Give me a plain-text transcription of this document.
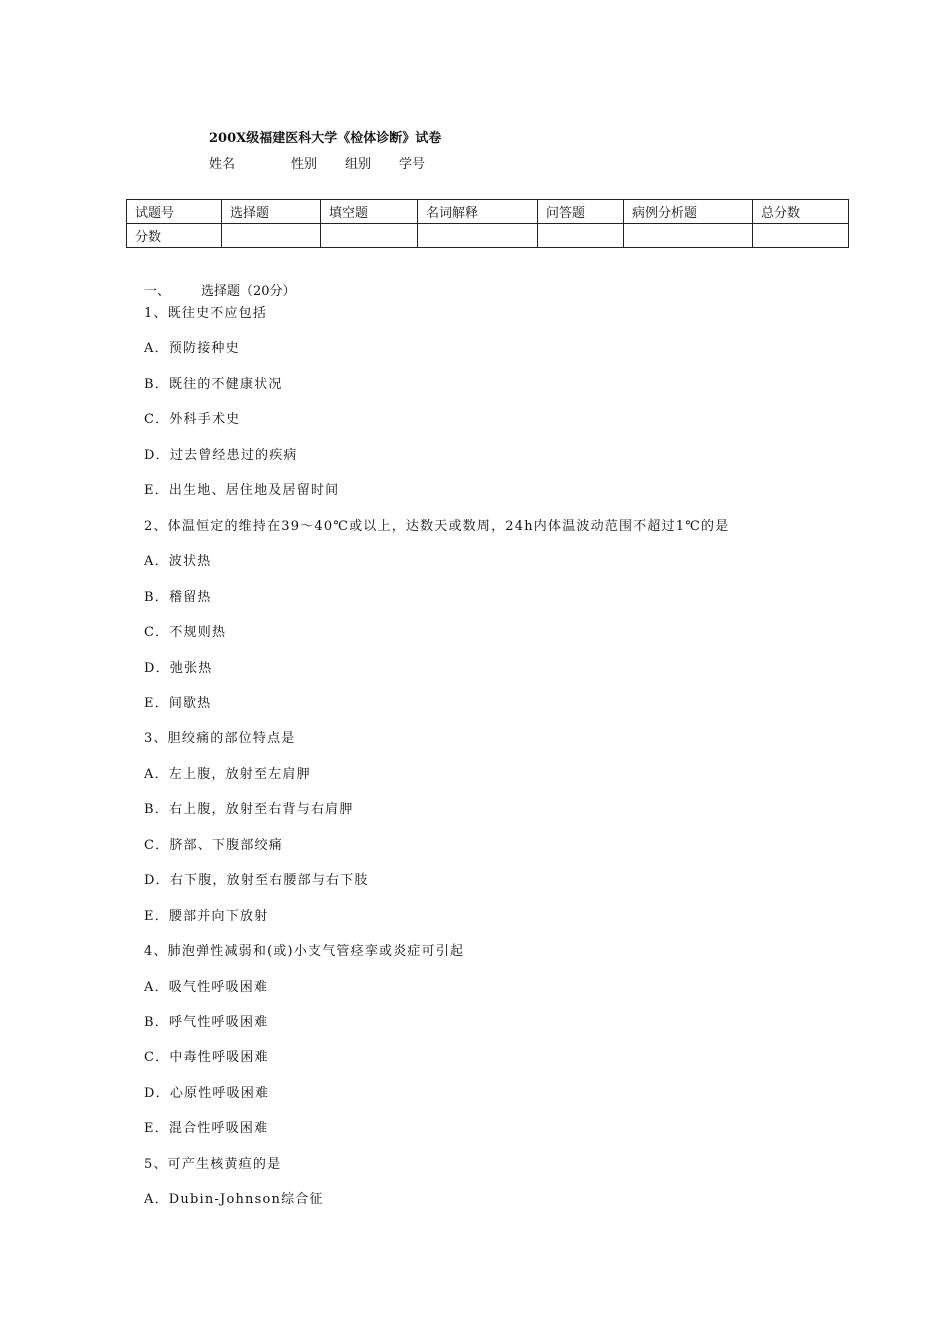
200X级福建医科大学《检体诊断》试卷
姓名	性别 组别 学号
试题号	选择题	填空题	名词解释	问答题	病例分析题	总分数
分数						
一、 选择题（20分）
1、既往史不应包括
A．预防接种史
B．既往的不健康状况
C．外科手术史
D．过去曾经患过的疾病
E．出生地、居住地及居留时间
2、体温恒定的维持在39～40℃或以上，达数天或数周，24h内体温波动范围不超过1℃的是
A．波状热
B．稽留热
C．不规则热
D．弛张热
E．间歇热
3、胆绞痛的部位特点是
A．左上腹，放射至左肩胛
B．右上腹，放射至右背与右肩胛
C．脐部、下腹部绞痛
D．右下腹，放射至右腰部与右下肢
E．腰部并向下放射
4、肺泡弹性减弱和(或)小支气管痉挛或炎症可引起
A．吸气性呼吸困难
B．呼气性呼吸困难
C．中毒性呼吸困难
D．心原性呼吸困难
E．混合性呼吸困难
5、可产生核黄疸的是
A．Dubin-Johnson综合征
